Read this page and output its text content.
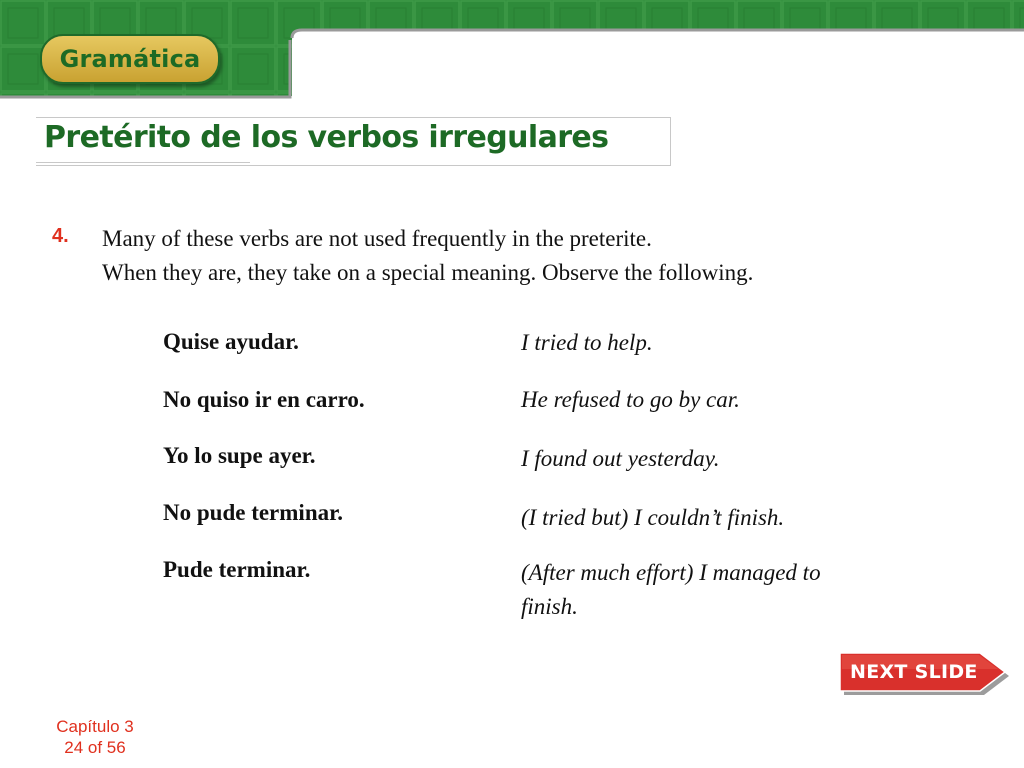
Gramática
Pretérito de los verbos irregulares
4. Many of these verbs are not used frequently in the preterite.
When they are, they take on a special meaning. Observe the following.
Quise ayudar.	I tried to help.
No quiso ir en carro.	He refused to go by car.
Yo lo supe ayer.	I found out yesterday.
No pude terminar.	(I tried but) I couldn’t finish.
Pude terminar.	(After much effort) I managed to finish.
NEXT SLIDE
Capítulo 3
24 of 56
